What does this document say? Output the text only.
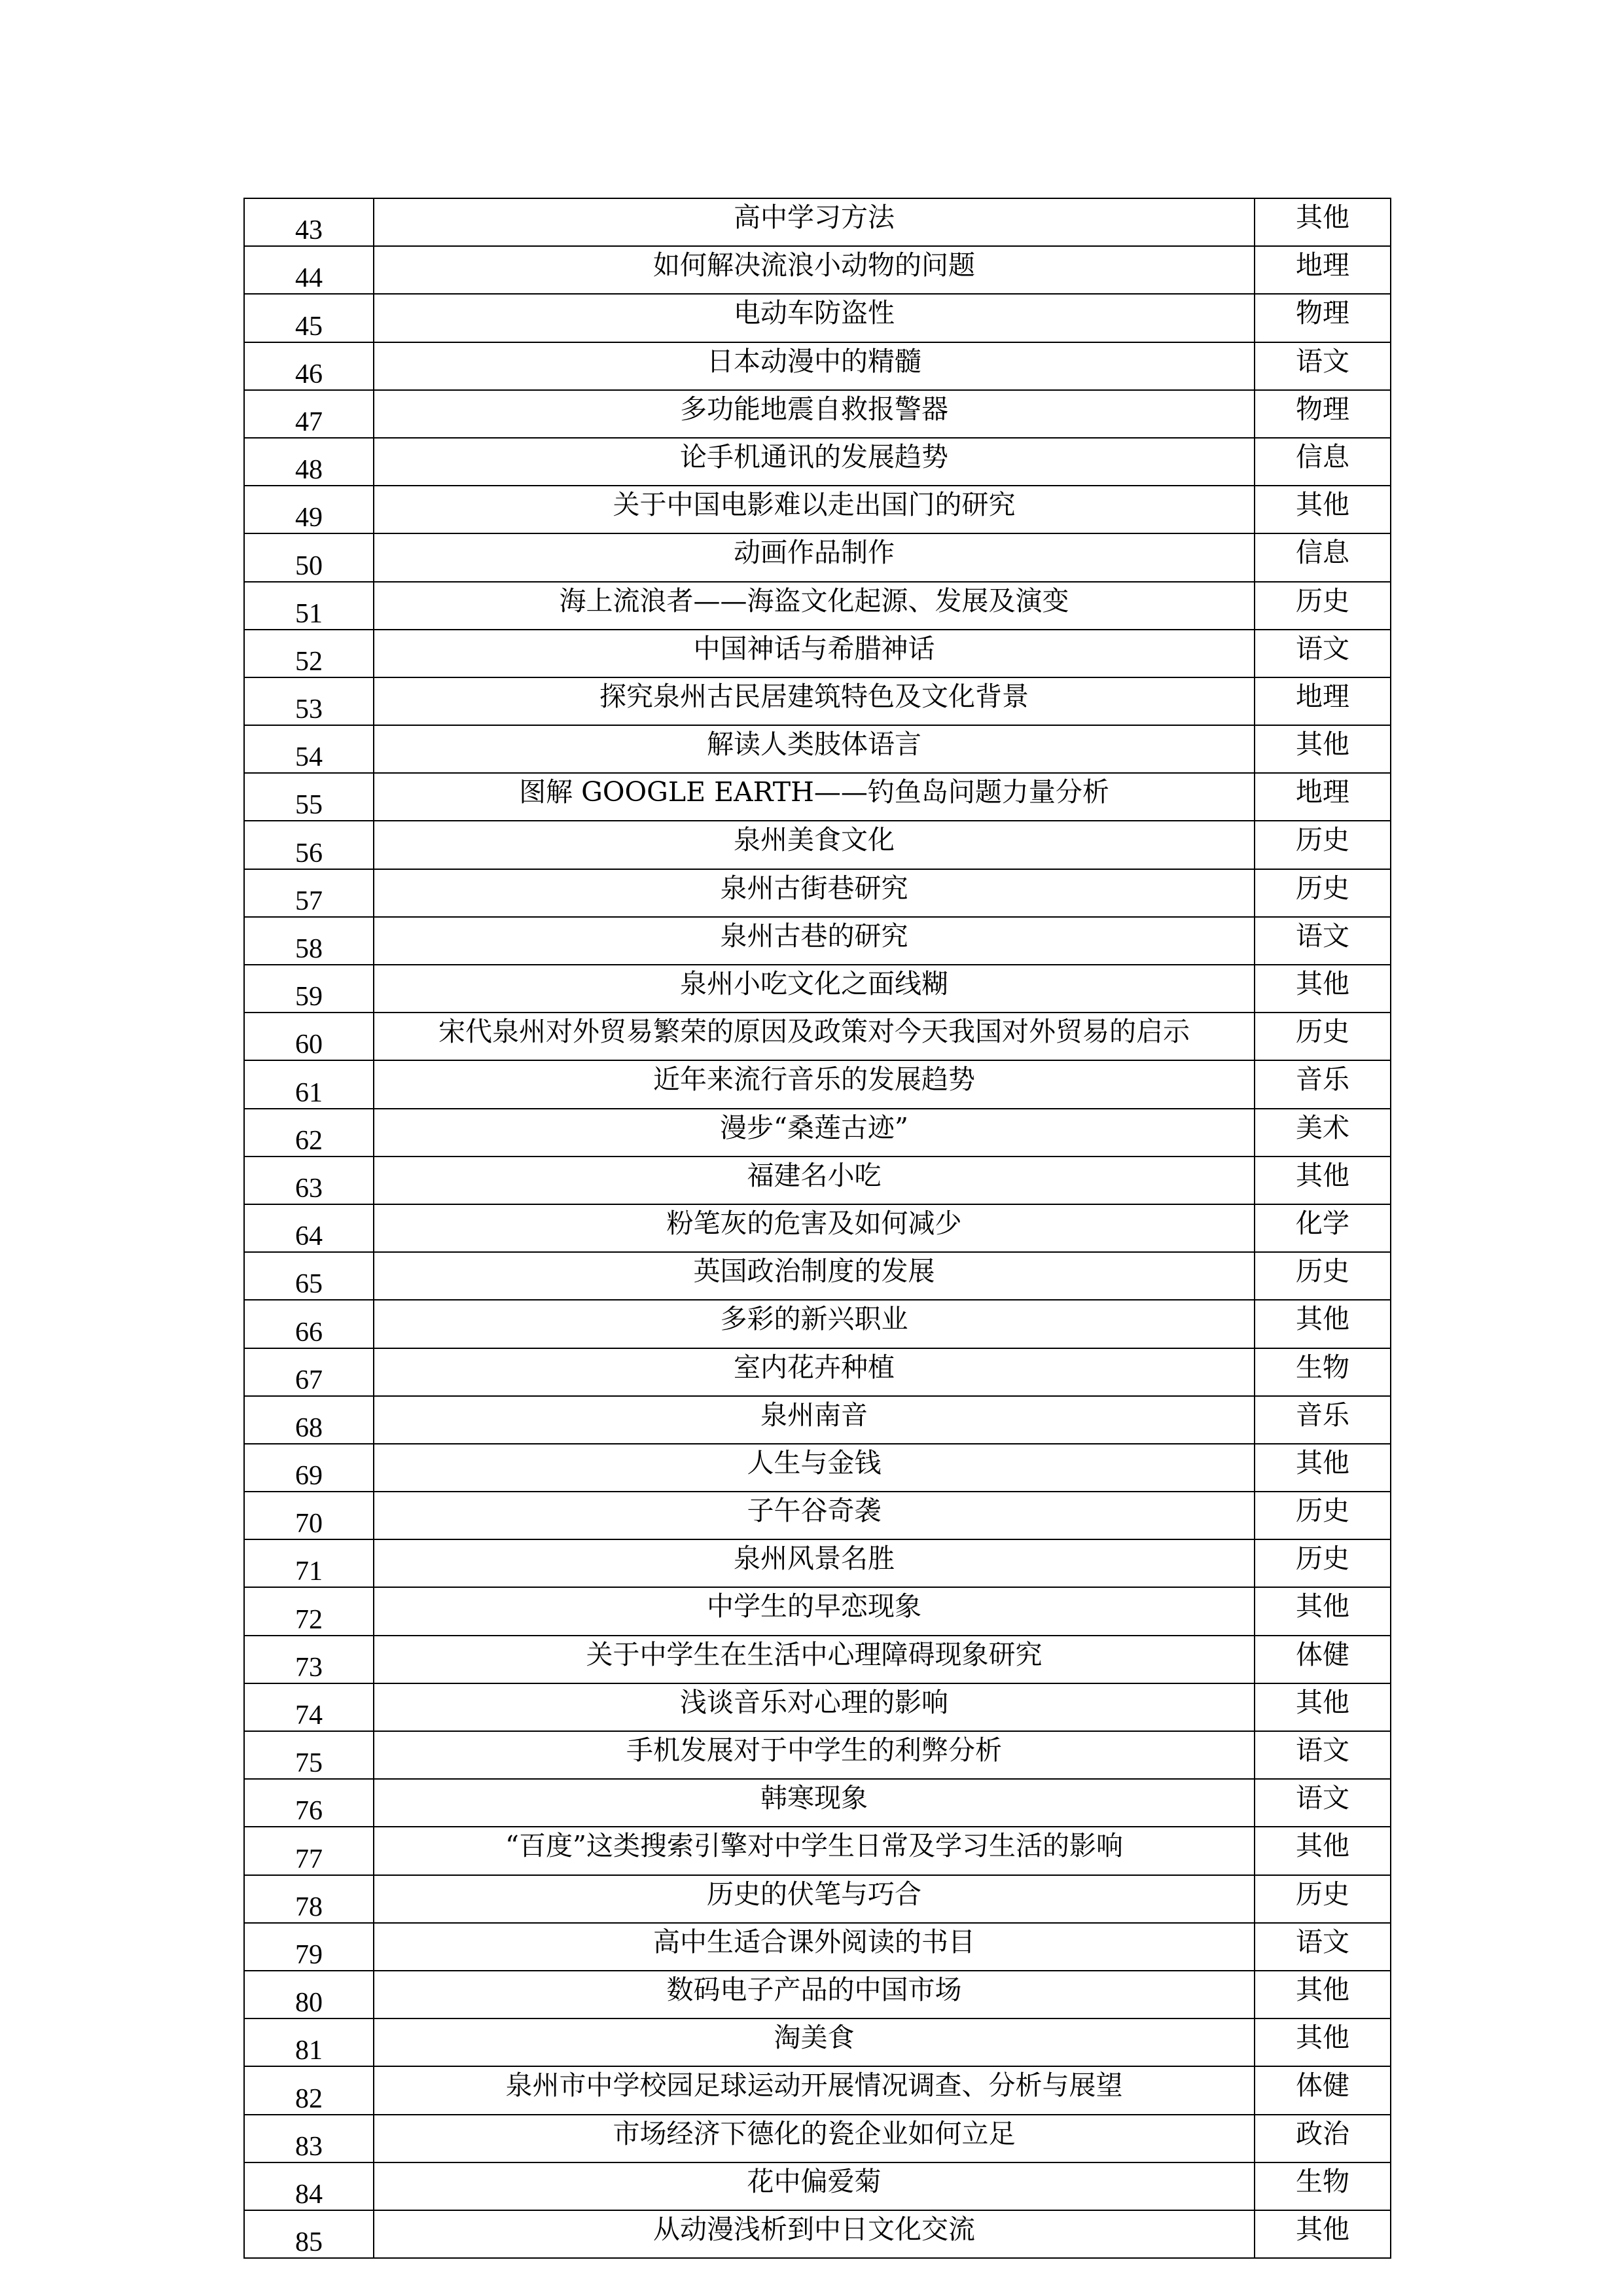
43	高中学习方法	其他
44	如何解决流浪小动物的问题	地理
45	电动车防盗性	物理
46	日本动漫中的精髓	语文
47	多功能地震自救报警器	物理
48	论手机通讯的发展趋势	信息
49	关于中国电影难以走出国门的研究	其他
50	动画作品制作	信息
51	海上流浪者——海盗文化起源、发展及演变	历史
52	中国神话与希腊神话	语文
53	探究泉州古民居建筑特色及文化背景	地理
54	解读人类肢体语言	其他
55	图解 GOOGLE EARTH——钓鱼岛问题力量分析	地理
56	泉州美食文化	历史
57	泉州古街巷研究	历史
58	泉州古巷的研究	语文
59	泉州小吃文化之面线糊	其他
60	宋代泉州对外贸易繁荣的原因及政策对今天我国对外贸易的启示	历史
61	近年来流行音乐的发展趋势	音乐
62	漫步“桑莲古迹”	美术
63	福建名小吃	其他
64	粉笔灰的危害及如何减少	化学
65	英国政治制度的发展	历史
66	多彩的新兴职业	其他
67	室内花卉种植	生物
68	泉州南音	音乐
69	人生与金钱	其他
70	子午谷奇袭	历史
71	泉州风景名胜	历史
72	中学生的早恋现象	其他
73	关于中学生在生活中心理障碍现象研究	体健
74	浅谈音乐对心理的影响	其他
75	手机发展对于中学生的利弊分析	语文
76	韩寒现象	语文
77	“百度”这类搜索引擎对中学生日常及学习生活的影响	其他
78	历史的伏笔与巧合	历史
79	高中生适合课外阅读的书目	语文
80	数码电子产品的中国市场	其他
81	淘美食	其他
82	泉州市中学校园足球运动开展情况调查、分析与展望	体健
83	市场经济下德化的瓷企业如何立足	政治
84	花中偏爱菊	生物
85	从动漫浅析到中日文化交流	其他
